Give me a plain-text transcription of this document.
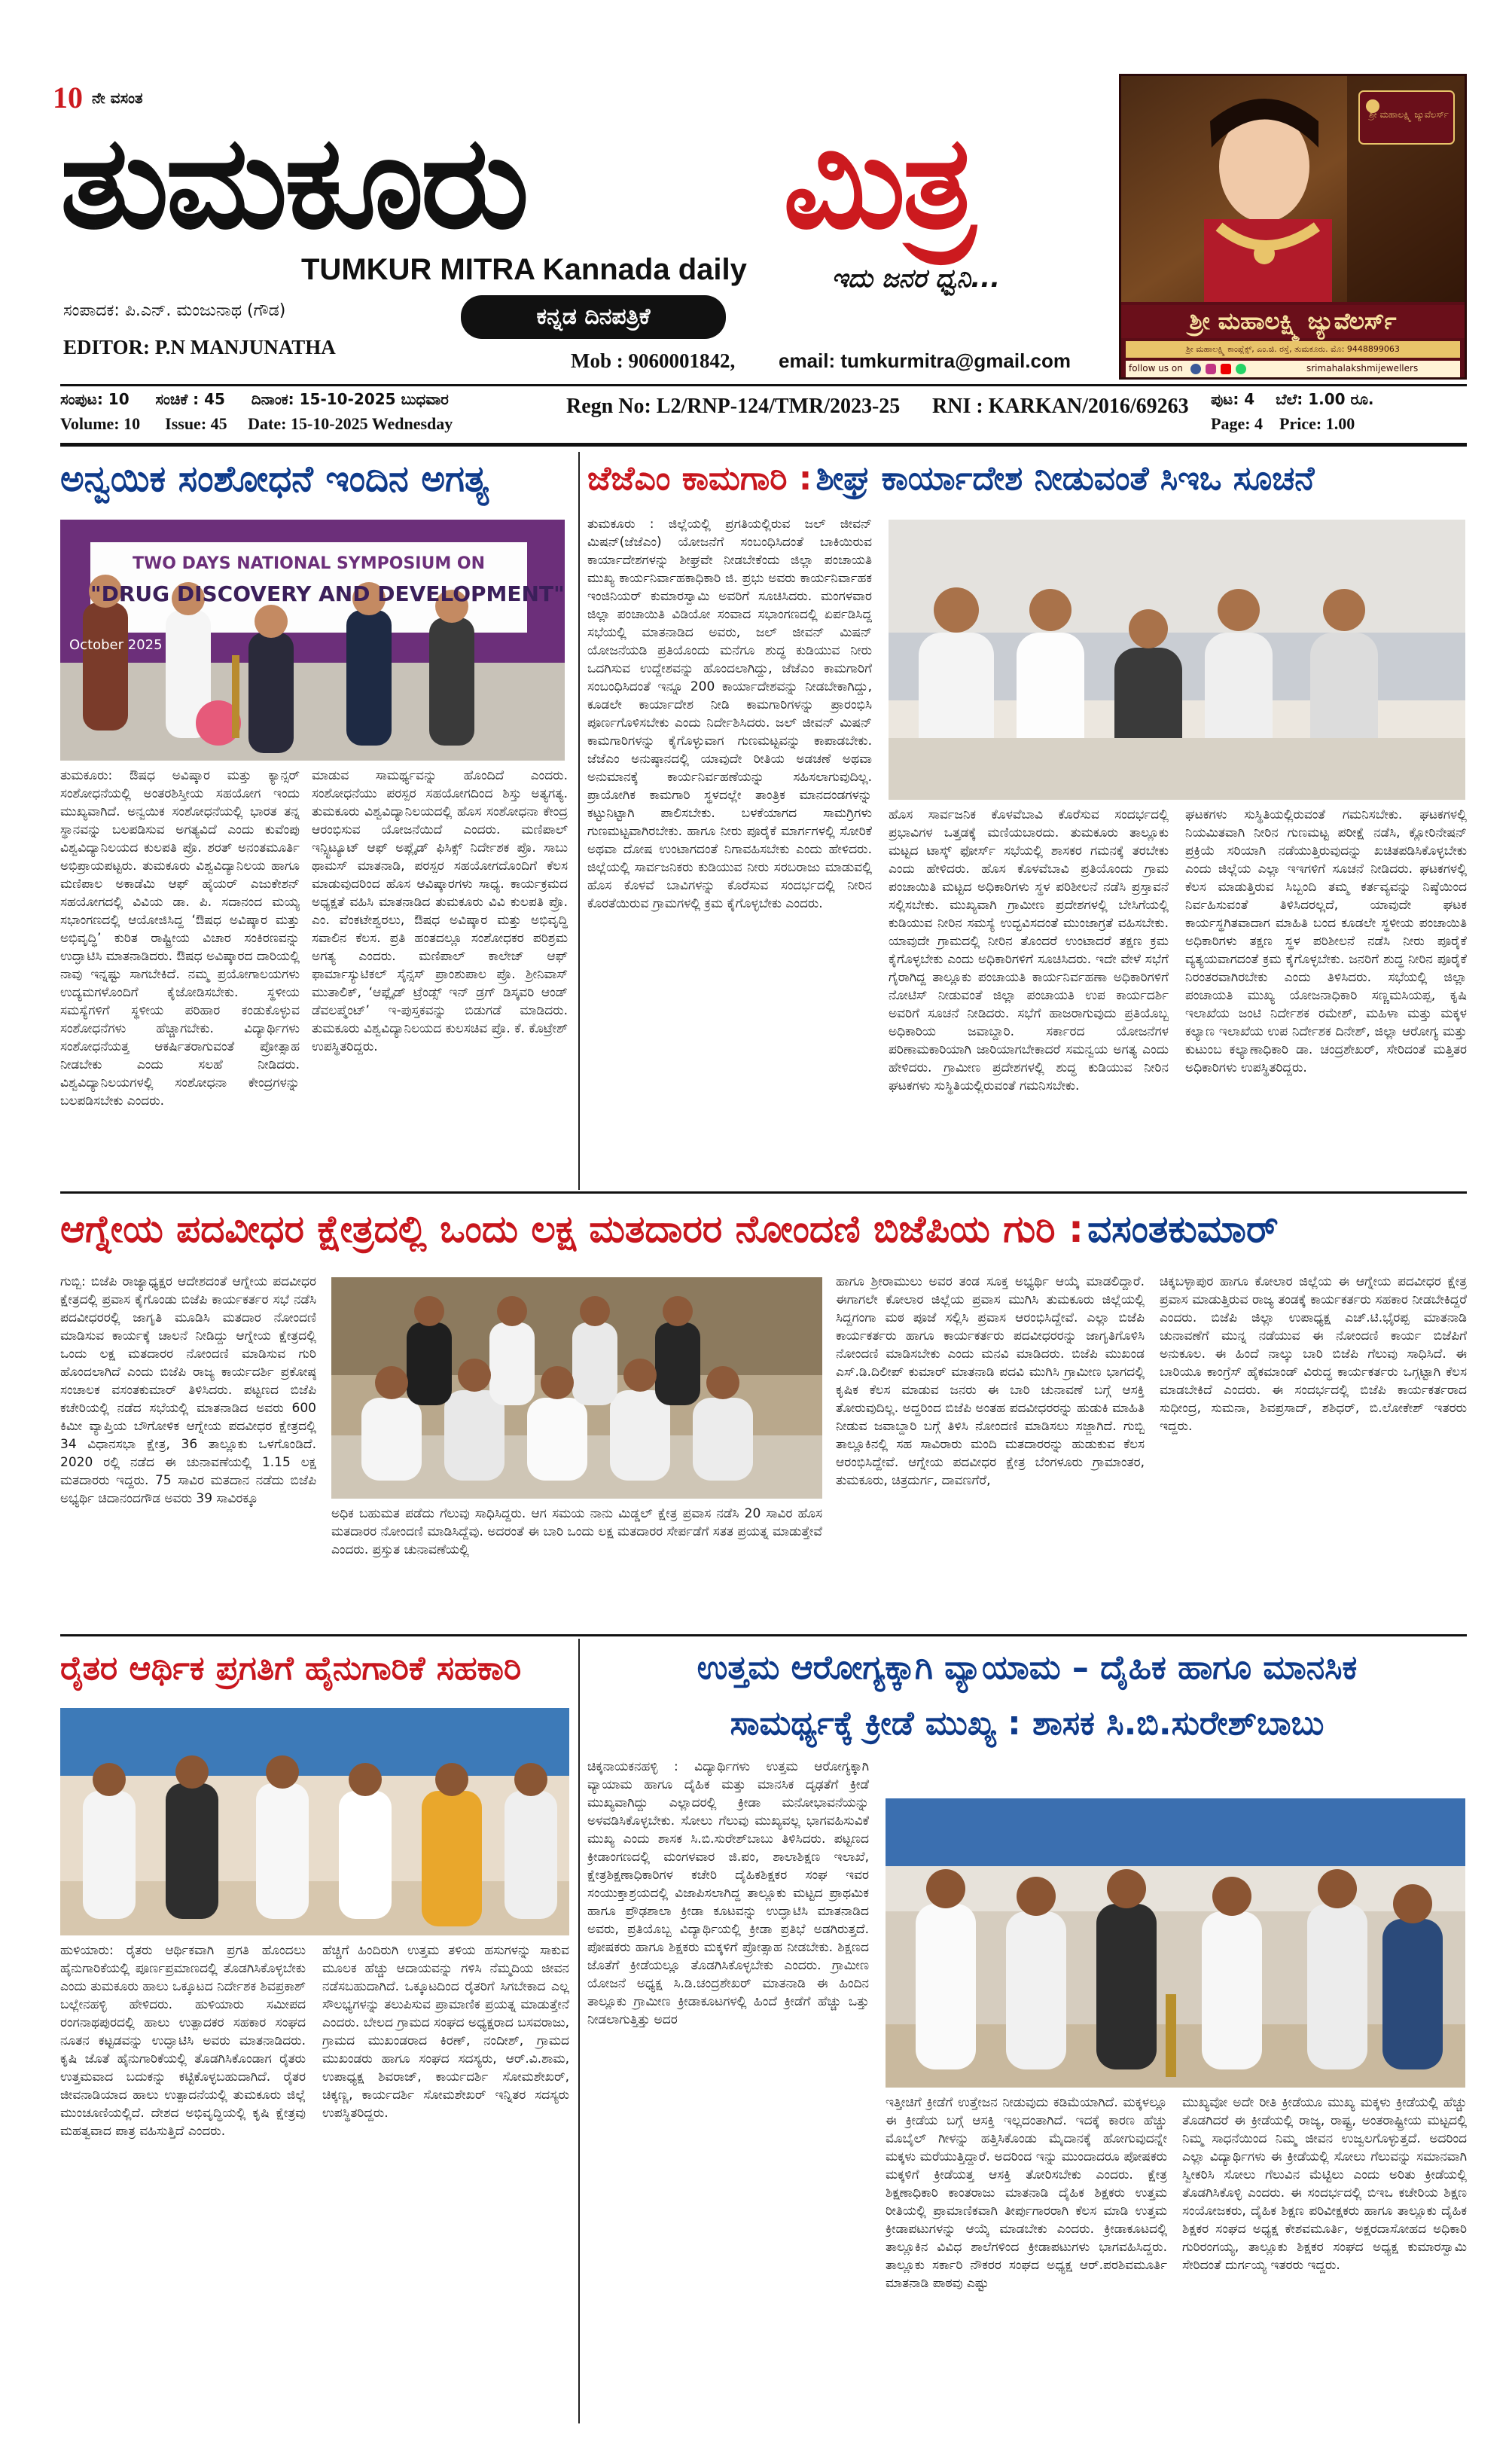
10 ನೇ ವಸಂತ
ತುಮಕೂರು ಮಿತ್ರ
TUMKUR MITRA Kannada daily	ಇದು ಜನರ ಧ್ವನಿ...
ಸಂಪಾದಕ: ಪಿ.ಎನ್. ಮಂಜುನಾಥ (ಗೌಡ)
EDITOR: P.N MANJUNATHA
ಕನ್ನಡ ದಿನಪತ್ರಿಕೆ
Mob : 9060001842, email: tumkurmitra@gmail.com
ಶ್ರೀ ಮಹಾಲಕ್ಷ್ಮಿ ಜ್ಯುವೆಲರ್ಸ್
ಶ್ರೀ ಮಹಾಲಕ್ಷ್ಮಿ ಜ್ಯುವೆಲರ್ಸ್
ಶ್ರೀ ಮಹಾಲಕ್ಷ್ಮಿ ಕಾಂಪ್ಲೆಕ್ಸ್, ಎಂ.ಜಿ. ರಸ್ತೆ, ತುಮಕೂರು. ಮೊ: 9448899063
follow us on	srimahalakshmijewellers
ಸಂಪುಟ: 10     ಸಂಚಿಕೆ : 45     ದಿನಾಂಕ: 15-10-2025 ಬುಧವಾರ
Volume: 10      Issue: 45     Date: 15-10-2025 Wednesday
Regn No: L2/RNP-124/TMR/2023-25 RNI : KARKAN/2016/69263 ಪುಟ: 4    ಬೆಲೆ: 1.00 ರೂ.
Page: 4    Price: 1.00
ಅನ್ವಯಿಕ ಸಂಶೋಧನೆ ಇಂದಿನ ಅಗತ್ಯ
TWO DAYS NATIONAL SYMPOSIUM ON
"DRUG DISCOVERY AND DEVELOPMENT"
October 2025
ತುಮಕೂರು: ಔಷಧ ಅವಿಷ್ಕಾರ ಮತ್ತು ಕ್ಯಾನ್ಸರ್ ಸಂಶೋಧನೆಯಲ್ಲಿ ಅಂತರಶಿಸ್ತೀಯ ಸಹಯೋಗ ಇಂದು ಮುಖ್ಯವಾಗಿದೆ. ಅನ್ವಯಿಕ ಸಂಶೋಧನೆಯಲ್ಲಿ ಭಾರತ ತನ್ನ ಸ್ಥಾನವನ್ನು ಬಲಪಡಿಸುವ ಅಗತ್ಯವಿದೆ ಎಂದು ಕುವೆಂಪು ವಿಶ್ವವಿದ್ಯಾನಿಲಯದ ಕುಲಪತಿ ಪ್ರೊ. ಶರತ್ ಅನಂತಮೂರ್ತಿ ಅಭಿಪ್ರಾಯಪಟ್ಟರು. ತುಮಕೂರು ವಿಶ್ವವಿದ್ಯಾನಿಲಯ ಹಾಗೂ ಮಣಿಪಾಲ ಅಕಾಡೆಮಿ ಆಫ್ ಹೈಯರ್ ಎಜುಕೇಶನ್ ಸಹಯೋಗದಲ್ಲಿ ವಿವಿಯ ಡಾ. ಪಿ. ಸದಾನಂದ ಮಯ್ಯ ಸಭಾಂಗಣದಲ್ಲಿ ಆಯೋಜಿಸಿದ್ದ ‘ಔಷಧ ಅವಿಷ್ಕಾರ ಮತ್ತು ಅಭಿವೃದ್ಧಿ’ ಕುರಿತ ರಾಷ್ಟ್ರೀಯ ವಿಚಾರ ಸಂಕಿರಣವನ್ನು ಉದ್ಘಾಟಿಸಿ ಮಾತನಾಡಿದರು. ಔಷಧ ಅವಿಷ್ಕಾರದ ದಾರಿಯಲ್ಲಿ ನಾವು ಇನ್ನಷ್ಟು ಸಾಗಬೇಕಿದೆ. ನಮ್ಮ ಪ್ರಯೋಗಾಲಯಗಳು ಉದ್ಯಮಗಳೊಂದಿಗೆ ಕೈಜೋಡಿಸಬೇಕು. ಸ್ಥಳೀಯ ಸಮಸ್ಯೆಗಳಿಗೆ ಸ್ಥಳೀಯ ಪರಿಹಾರ ಕಂಡುಕೊಳ್ಳುವ ಸಂಶೋಧನೆಗಳು ಹೆಚ್ಚಾಗಬೇಕು. ವಿದ್ಯಾರ್ಥಿಗಳು ಸಂಶೋಧನೆಯತ್ತ ಆಕರ್ಷಿತರಾಗುವಂತೆ ಪ್ರೋತ್ಸಾಹ ನೀಡಬೇಕು ಎಂದು ಸಲಹೆ ನೀಡಿದರು. ವಿಶ್ವವಿದ್ಯಾನಿಲಯಗಳಲ್ಲಿ ಸಂಶೋಧನಾ ಕೇಂದ್ರಗಳನ್ನು ಬಲಪಡಿಸಬೇಕು ಎಂದರು.
ಮಾಡುವ ಸಾಮರ್ಥ್ಯವನ್ನು ಹೊಂದಿದೆ ಎಂದರು. ಸಂಶೋಧನೆಯು ಪರಸ್ಪರ ಸಹಯೋಗದಿಂದ ಶಿಸ್ತು ಅತ್ಯಗತ್ಯ. ತುಮಕೂರು ವಿಶ್ವವಿದ್ಯಾನಿಲಯದಲ್ಲಿ ಹೊಸ ಸಂಶೋಧನಾ ಕೇಂದ್ರ ಆರಂಭಿಸುವ ಯೋಜನೆಯಿದೆ ಎಂದರು. ಮಣಿಪಾಲ್ ಇನ್ಸ್ಟಿಟ್ಯೂಟ್ ಆಫ್ ಅಪ್ಲೈಡ್ ಫಿಸಿಕ್ಸ್ ನಿರ್ದೇಶಕ ಪ್ರೊ. ಸಾಬು ಥಾಮಸ್ ಮಾತನಾಡಿ, ಪರಸ್ಪರ ಸಹಯೋಗದೊಂದಿಗೆ ಕೆಲಸ ಮಾಡುವುದರಿಂದ ಹೊಸ ಆವಿಷ್ಕಾರಗಳು ಸಾಧ್ಯ. ಕಾರ್ಯಕ್ರಮದ ಅಧ್ಯಕ್ಷತೆ ವಹಿಸಿ ಮಾತನಾಡಿದ ತುಮಕೂರು ವಿವಿ ಕುಲಪತಿ ಪ್ರೊ. ಎಂ. ವೆಂಕಟೇಶ್ವರಲು, ಔಷಧ ಅವಿಷ್ಕಾರ ಮತ್ತು ಅಭಿವೃದ್ಧಿ ಸವಾಲಿನ ಕೆಲಸ. ಪ್ರತಿ ಹಂತದಲ್ಲೂ ಸಂಶೋಧಕರ ಪರಿಶ್ರಮ ಅಗತ್ಯ ಎಂದರು. ಮಣಿಪಾಲ್ ಕಾಲೇಜ್ ಆಫ್ ಫಾರ್ಮಾಸ್ಯುಟಿಕಲ್ ಸೈನ್ಸಸ್ ಪ್ರಾಂಶುಪಾಲ ಪ್ರೊ. ಶ್ರೀನಿವಾಸ್ ಮುತಾಲಿಕ್, ‘ಆಪ್ಲೈಡ್ ಟ್ರೆಂಡ್ಸ್ ಇನ್ ಡ್ರಗ್ ಡಿಸ್ಕವರಿ ಆಂಡ್ ಡೆವಲಪ್ಮೆಂಟ್’ ಇ-ಪುಸ್ತಕವನ್ನು ಬಿಡುಗಡೆ ಮಾಡಿದರು. ತುಮಕೂರು ವಿಶ್ವವಿದ್ಯಾನಿಲಯದ ಕುಲಸಚಿವ ಪ್ರೊ. ಕೆ. ಕೊಟ್ರೇಶ್ ಉಪಸ್ಥಿತರಿದ್ದರು.
ಜೆಜೆಎಂ ಕಾಮಗಾರಿ : ಶೀಘ್ರ ಕಾರ್ಯಾದೇಶ ನೀಡುವಂತೆ ಸಿಇಒ ಸೂಚನೆ
ತುಮಕೂರು : ಜಿಲ್ಲೆಯಲ್ಲಿ ಪ್ರಗತಿಯಲ್ಲಿರುವ ಜಲ್ ಜೀವನ್ ಮಿಷನ್(ಜೆಜೆಎಂ) ಯೋಜನೆಗೆ ಸಂಬಂಧಿಸಿದಂತೆ ಬಾಕಿಯಿರುವ ಕಾರ್ಯಾದೇಶಗಳನ್ನು ಶೀಘ್ರವೇ ನೀಡಬೇಕೆಂದು ಜಿಲ್ಲಾ ಪಂಚಾಯತಿ ಮುಖ್ಯ ಕಾರ್ಯನಿರ್ವಾಹಕಾಧಿಕಾರಿ ಜಿ. ಪ್ರಭು ಅವರು ಕಾರ್ಯನಿರ್ವಾಹಕ ಇಂಜಿನಿಯರ್ ಕುಮಾರಸ್ವಾಮಿ ಅವರಿಗೆ ಸೂಚಿಸಿದರು. ಮಂಗಳವಾರ ಜಿಲ್ಲಾ ಪಂಚಾಯಿತಿ ವಿಡಿಯೋ ಸಂವಾದ ಸಭಾಂಗಣದಲ್ಲಿ ಏರ್ಪಡಿಸಿದ್ದ ಸಭೆಯಲ್ಲಿ ಮಾತನಾಡಿದ ಅವರು, ಜಲ್ ಜೀವನ್ ಮಿಷನ್ ಯೋಜನೆಯಡಿ ಪ್ರತಿಯೊಂದು ಮನೆಗೂ ಶುದ್ಧ ಕುಡಿಯುವ ನೀರು ಒದಗಿಸುವ ಉದ್ದೇಶವನ್ನು ಹೊಂದಲಾಗಿದ್ದು, ಜೆಜೆಎಂ ಕಾಮಗಾರಿಗೆ ಸಂಬಂಧಿಸಿದಂತೆ ಇನ್ನೂ 200 ಕಾರ್ಯಾದೇಶವನ್ನು ನೀಡಬೇಕಾಗಿದ್ದು, ಕೂಡಲೇ ಕಾರ್ಯಾದೇಶ ನೀಡಿ ಕಾಮಗಾರಿಗಳನ್ನು ಪ್ರಾರಂಭಿಸಿ ಪೂರ್ಣಗೊಳಿಸಬೇಕು ಎಂದು ನಿರ್ದೇಶಿಸಿದರು. ಜಲ್ ಜೀವನ್ ಮಿಷನ್ ಕಾಮಗಾರಿಗಳನ್ನು ಕೈಗೊಳ್ಳುವಾಗ ಗುಣಮಟ್ಟವನ್ನು ಕಾಪಾಡಬೇಕು. ಜೆಜೆಎಂ ಅನುಷ್ಠಾನದಲ್ಲಿ ಯಾವುದೇ ರೀತಿಯ ಅಡಚಣೆ ಅಥವಾ ಅನುಮಾನಕ್ಕೆ ಕಾರ್ಯನಿರ್ವಹಣೆಯನ್ನು ಸಹಿಸಲಾಗುವುದಿಲ್ಲ. ಪ್ರಾಯೋಗಿಕ ಕಾಮಗಾರಿ ಸ್ಥಳದಲ್ಲೇ ತಾಂತ್ರಿಕ ಮಾನದಂಡಗಳನ್ನು ಕಟ್ಟುನಿಟ್ಟಾಗಿ ಪಾಲಿಸಬೇಕು. ಬಳಕೆಯಾಗದ ಸಾಮಗ್ರಿಗಳು ಗುಣಮಟ್ಟವಾಗಿರಬೇಕು. ಹಾಗೂ ನೀರು ಪೂರೈಕೆ ಮಾರ್ಗಗಳಲ್ಲಿ ಸೋರಿಕೆ ಅಥವಾ ದೋಷ ಉಂಟಾಗದಂತೆ ನಿಗಾವಹಿಸಬೇಕು ಎಂದು ಹೇಳಿದರು. ಜಿಲ್ಲೆಯಲ್ಲಿ ಸಾರ್ವಜನಿಕರು ಕುಡಿಯುವ ನೀರು ಸರಬರಾಜು ಮಾಡುವಲ್ಲಿ ಹೊಸ ಕೊಳವೆ ಬಾವಿಗಳನ್ನು ಕೊರೆಸುವ ಸಂದರ್ಭದಲ್ಲಿ ನೀರಿನ ಕೊರತೆಯಿರುವ ಗ್ರಾಮಗಳಲ್ಲಿ ಕ್ರಮ ಕೈಗೊಳ್ಳಬೇಕು ಎಂದರು.
ಹೊಸ ಸಾರ್ವಜನಿಕ ಕೊಳವೆಬಾವಿ ಕೊರೆಸುವ ಸಂದರ್ಭದಲ್ಲಿ ಪ್ರಭಾವಿಗಳ ಒತ್ತಡಕ್ಕೆ ಮಣಿಯಬಾರದು. ತುಮಕೂರು ತಾಲ್ಲೂಕು ಮಟ್ಟದ ಟಾಸ್ಕ್ ಫೋರ್ಸ್ ಸಭೆಯಲ್ಲಿ ಶಾಸಕರ ಗಮನಕ್ಕೆ ತರಬೇಕು ಎಂದು ಹೇಳಿದರು. ಹೊಸ ಕೊಳವೆಬಾವಿ ಪ್ರತಿಯೊಂದು ಗ್ರಾಮ ಪಂಚಾಯಿತಿ ಮಟ್ಟದ ಅಧಿಕಾರಿಗಳು ಸ್ಥಳ ಪರಿಶೀಲನೆ ನಡೆಸಿ ಪ್ರಸ್ತಾವನೆ ಸಲ್ಲಿಸಬೇಕು. ಮುಖ್ಯವಾಗಿ ಗ್ರಾಮೀಣ ಪ್ರದೇಶಗಳಲ್ಲಿ ಬೇಸಿಗೆಯಲ್ಲಿ ಕುಡಿಯುವ ನೀರಿನ ಸಮಸ್ಯೆ ಉದ್ಭವಿಸದಂತೆ ಮುಂಜಾಗ್ರತೆ ವಹಿಸಬೇಕು. ಯಾವುದೇ ಗ್ರಾಮದಲ್ಲಿ ನೀರಿನ ತೊಂದರೆ ಉಂಟಾದರೆ ತಕ್ಷಣ ಕ್ರಮ ಕೈಗೊಳ್ಳಬೇಕು ಎಂದು ಅಧಿಕಾರಿಗಳಿಗೆ ಸೂಚಿಸಿದರು. ಇದೇ ವೇಳೆ ಸಭೆಗೆ ಗೈರಾಗಿದ್ದ ತಾಲ್ಲೂಕು ಪಂಚಾಯತಿ ಕಾರ್ಯನಿರ್ವಹಣಾ ಅಧಿಕಾರಿಗಳಿಗೆ ನೋಟಿಸ್ ನೀಡುವಂತೆ ಜಿಲ್ಲಾ ಪಂಚಾಯತಿ ಉಪ ಕಾರ್ಯದರ್ಶಿ ಅವರಿಗೆ ಸೂಚನೆ ನೀಡಿದರು. ಸಭೆಗೆ ಹಾಜರಾಗುವುದು ಪ್ರತಿಯೊಬ್ಬ ಅಧಿಕಾರಿಯ ಜವಾಬ್ದಾರಿ. ಸರ್ಕಾರದ ಯೋಜನೆಗಳ ಪರಿಣಾಮಕಾರಿಯಾಗಿ ಜಾರಿಯಾಗಬೇಕಾದರೆ ಸಮನ್ವಯ ಅಗತ್ಯ ಎಂದು ಹೇಳಿದರು. ಗ್ರಾಮೀಣ ಪ್ರದೇಶಗಳಲ್ಲಿ ಶುದ್ಧ ಕುಡಿಯುವ ನೀರಿನ ಘಟಕಗಳು ಸುಸ್ಥಿತಿಯಲ್ಲಿರುವಂತೆ ಗಮನಿಸಬೇಕು.
ಘಟಕಗಳು ಸುಸ್ಥಿತಿಯಲ್ಲಿರುವಂತೆ ಗಮನಿಸಬೇಕು. ಘಟಕಗಳಲ್ಲಿ ನಿಯಮಿತವಾಗಿ ನೀರಿನ ಗುಣಮಟ್ಟ ಪರೀಕ್ಷೆ ನಡೆಸಿ, ಕ್ಲೋರಿನೇಷನ್ ಪ್ರಕ್ರಿಯೆ ಸರಿಯಾಗಿ ನಡೆಯುತ್ತಿರುವುದನ್ನು ಖಚಿತಪಡಿಸಿಕೊಳ್ಳಬೇಕು ಎಂದು ಜಿಲ್ಲೆಯ ಎಲ್ಲಾ ಇಇಗಳಿಗೆ ಸೂಚನೆ ನೀಡಿದರು. ಘಟಕಗಳಲ್ಲಿ ಕೆಲಸ ಮಾಡುತ್ತಿರುವ ಸಿಬ್ಬಂದಿ ತಮ್ಮ ಕರ್ತವ್ಯವನ್ನು ನಿಷ್ಠೆಯಿಂದ ನಿರ್ವಹಿಸುವಂತೆ ತಿಳಿಸಿದರಲ್ಲದೆ, ಯಾವುದೇ ಘಟಕ ಕಾರ್ಯಸ್ಥಗಿತವಾದಾಗ ಮಾಹಿತಿ ಬಂದ ಕೂಡಲೇ ಸ್ಥಳೀಯ ಪಂಚಾಯಿತಿ ಅಧಿಕಾರಿಗಳು ತಕ್ಷಣ ಸ್ಥಳ ಪರಿಶೀಲನೆ ನಡೆಸಿ ನೀರು ಪೂರೈಕೆ ವ್ಯತ್ಯಯವಾಗದಂತೆ ಕ್ರಮ ಕೈಗೊಳ್ಳಬೇಕು. ಜನರಿಗೆ ಶುದ್ಧ ನೀರಿನ ಪೂರೈಕೆ ನಿರಂತರವಾಗಿರಬೇಕು ಎಂದು ತಿಳಿಸಿದರು. ಸಭೆಯಲ್ಲಿ ಜಿಲ್ಲಾ ಪಂಚಾಯತಿ ಮುಖ್ಯ ಯೋಜನಾಧಿಕಾರಿ ಸಣ್ಣಮಸಿಯಪ್ಪ, ಕೃಷಿ ಇಲಾಖೆಯ ಜಂಟಿ ನಿರ್ದೇಶಕ ರಮೇಶ್, ಮಹಿಳಾ ಮತ್ತು ಮಕ್ಕಳ ಕಲ್ಯಾಣ ಇಲಾಖೆಯ ಉಪ ನಿರ್ದೇಶಕ ದಿನೇಶ್, ಜಿಲ್ಲಾ ಆರೋಗ್ಯ ಮತ್ತು ಕುಟುಂಬ ಕಲ್ಯಾಣಾಧಿಕಾರಿ ಡಾ. ಚಂದ್ರಶೇಖರ್, ಸೇರಿದಂತೆ ಮತ್ತಿತರ ಅಧಿಕಾರಿಗಳು ಉಪಸ್ಥಿತರಿದ್ದರು.
ಆಗ್ನೇಯ ಪದವೀಧರ ಕ್ಷೇತ್ರದಲ್ಲಿ ಒಂದು ಲಕ್ಷ ಮತದಾರರ ನೋಂದಣಿ ಬಿಜೆಪಿಯ ಗುರಿ : ವಸಂತಕುಮಾರ್
ಗುಬ್ಬಿ: ಬಿಜೆಪಿ ರಾಜ್ಯಾಧ್ಯಕ್ಷರ ಆದೇಶದಂತೆ ಆಗ್ನೇಯ ಪದವೀಧರ ಕ್ಷೇತ್ರದಲ್ಲಿ ಪ್ರವಾಸ ಕೈಗೊಂಡು ಬಿಜೆಪಿ ಕಾರ್ಯಕರ್ತರ ಸಭೆ ನಡೆಸಿ ಪದವೀಧರರಲ್ಲಿ ಜಾಗೃತಿ ಮೂಡಿಸಿ ಮತದಾರ ನೋಂದಣಿ ಮಾಡಿಸುವ ಕಾರ್ಯಕ್ಕೆ ಚಾಲನೆ ನೀಡಿದ್ದು ಆಗ್ನೇಯ ಕ್ಷೇತ್ರದಲ್ಲಿ ಒಂದು ಲಕ್ಷ ಮತದಾರರ ನೋಂದಣಿ ಮಾಡಿಸುವ ಗುರಿ ಹೊಂದಲಾಗಿದೆ ಎಂದು ಬಿಜೆಪಿ ರಾಜ್ಯ ಕಾರ್ಯದರ್ಶಿ ಪ್ರಕೋಷ್ಠ ಸಂಚಾಲಕ ವಸಂತಕುಮಾರ್ ತಿಳಿಸಿದರು. ಪಟ್ಟಣದ ಬಿಜೆಪಿ ಕಚೇರಿಯಲ್ಲಿ ನಡೆದ ಸಭೆಯಲ್ಲಿ ಮಾತನಾಡಿದ ಅವರು 600 ಕಿಮೀ ವ್ಯಾಪ್ತಿಯ ಬೌಗೋಳಿಕ ಆಗ್ನೇಯ ಪದವೀಧರ ಕ್ಷೇತ್ರದಲ್ಲಿ 34 ವಿಧಾನಸಭಾ ಕ್ಷೇತ್ರ, 36 ತಾಲ್ಲೂಕು ಒಳಗೊಂಡಿದೆ. 2020 ರಲ್ಲಿ ನಡೆದ ಈ ಚುನಾವಣೆಯಲ್ಲಿ 1.15 ಲಕ್ಷ ಮತದಾರರು ಇದ್ದರು. 75 ಸಾವಿರ ಮತದಾನ ನಡೆದು ಬಿಜೆಪಿ ಅಭ್ಯರ್ಥಿ ಚಿದಾನಂದಗೌಡ ಅವರು 39 ಸಾವಿರಕ್ಕೂ
ಅಧಿಕ ಬಹುಮತ ಪಡೆದು ಗೆಲುವು ಸಾಧಿಸಿದ್ದರು. ಆಗ ಸಮಯ ನಾನು ಮಿಡ್ಡಲ್ ಕ್ಷೇತ್ರ ಪ್ರವಾಸ ನಡೆಸಿ 20 ಸಾವಿರ ಹೊಸ ಮತದಾರರ ನೋಂದಣಿ ಮಾಡಿಸಿದ್ದೆವು. ಅದರಂತೆ ಈ ಬಾರಿ ಒಂದು ಲಕ್ಷ ಮತದಾರರ ಸೇರ್ಪಡೆಗೆ ಸತತ ಪ್ರಯತ್ನ ಮಾಡುತ್ತೇವೆ ಎಂದರು. ಪ್ರಸ್ತುತ ಚುನಾವಣೆಯಲ್ಲಿ
ಹಾಗೂ ಶ್ರೀರಾಮುಲು ಅವರ ತಂಡ ಸೂಕ್ತ ಅಭ್ಯರ್ಥಿ ಆಯ್ಕೆ ಮಾಡಲಿದ್ದಾರೆ. ಈಗಾಗಲೇ ಕೋಲಾರ ಜಿಲ್ಲೆಯ ಪ್ರವಾಸ ಮುಗಿಸಿ ತುಮಕೂರು ಜಿಲ್ಲೆಯಲ್ಲಿ ಸಿದ್ದಗಂಗಾ ಮಠ ಪೂಜೆ ಸಲ್ಲಿಸಿ ಪ್ರವಾಸ ಆರಂಭಿಸಿದ್ದೇವೆ. ಎಲ್ಲಾ ಬಿಜೆಪಿ ಕಾರ್ಯಕರ್ತರು ಹಾಗೂ ಕಾರ್ಯಕರ್ತರು ಪದವೀಧರರನ್ನು ಜಾಗೃತಿಗೊಳಿಸಿ ನೋಂದಣಿ ಮಾಡಿಸಬೇಕು ಎಂದು ಮನವಿ ಮಾಡಿದರು. ಬಿಜೆಪಿ ಮುಖಂಡ ಎಸ್.ಡಿ.ದಿಲೀಪ್ ಕುಮಾರ್ ಮಾತನಾಡಿ ಪದವಿ ಮುಗಿಸಿ ಗ್ರಾಮೀಣ ಭಾಗದಲ್ಲಿ ಕೃಷಿಕ ಕೆಲಸ ಮಾಡುವ ಜನರು ಈ ಬಾರಿ ಚುನಾವಣೆ ಬಗ್ಗೆ ಆಸಕ್ತಿ ತೋರುವುದಿಲ್ಲ. ಅದ್ದರಿಂದ ಬಿಜೆಪಿ ಅಂತಹ ಪದವೀಧರರನ್ನು ಹುಡುಕಿ ಮಾಹಿತಿ ನೀಡುವ ಜವಾಬ್ದಾರಿ ಬಗ್ಗೆ ತಿಳಿಸಿ ನೋಂದಣಿ ಮಾಡಿಸಲು ಸಜ್ಜಾಗಿದೆ. ಗುಬ್ಬಿ ತಾಲ್ಲೂಕಿನಲ್ಲಿ ಸಹ ಸಾವಿರಾರು ಮಂದಿ ಮತದಾರರನ್ನು ಹುಡುಕುವ ಕೆಲಸ ಆರಂಭಿಸಿದ್ದೇವೆ. ಆಗ್ನೇಯ ಪದವೀಧರ ಕ್ಷೇತ್ರ ಬೆಂಗಳೂರು ಗ್ರಾಮಾಂತರ, ತುಮಕೂರು, ಚಿತ್ರದುರ್ಗ, ದಾವಣಗೆರೆ,
ಚಿಕ್ಕಬಳ್ಳಾಪುರ ಹಾಗೂ ಕೋಲಾರ ಜಿಲ್ಲೆಯ ಈ ಆಗ್ನೇಯ ಪದವೀಧರ ಕ್ಷೇತ್ರ ಪ್ರವಾಸ ಮಾಡುತ್ತಿರುವ ರಾಜ್ಯ ತಂಡಕ್ಕೆ ಕಾರ್ಯಕರ್ತರು ಸಹಕಾರ ನೀಡಬೇಕಿದ್ದರೆ ಎಂದರು. ಬಿಜೆಪಿ ಜಿಲ್ಲಾ ಉಪಾಧ್ಯಕ್ಷ ಎಚ್.ಟಿ.ಭೈರಪ್ಪ ಮಾತನಾಡಿ ಚುನಾವಣೆಗೆ ಮುನ್ನ ನಡೆಯುವ ಈ ನೋಂದಣಿ ಕಾರ್ಯ ಬಿಜೆಪಿಗೆ ಅನುಕೂಲ. ಈ ಹಿಂದೆ ನಾಲ್ಕು ಬಾರಿ ಬಿಜೆಪಿ ಗೆಲುವು ಸಾಧಿಸಿದೆ. ಈ ಬಾರಿಯೂ ಕಾಂಗ್ರೆಸ್ ಹೈಕಮಾಂಡ್ ವಿರುದ್ಧ ಕಾರ್ಯಕರ್ತರು ಒಗ್ಗಟ್ಟಾಗಿ ಕೆಲಸ ಮಾಡಬೇಕಿದೆ ಎಂದರು. ಈ ಸಂದರ್ಭದಲ್ಲಿ ಬಿಜೆಪಿ ಕಾರ್ಯಕರ್ತರಾದ ಸುಧೀಂದ್ರ, ಸುಮನಾ, ಶಿವಪ್ರಸಾದ್, ಶಶಿಧರ್, ಬಿ.ಲೋಕೇಶ್ ಇತರರು ಇದ್ದರು.
ರೈತರ ಆರ್ಥಿಕ ಪ್ರಗತಿಗೆ ಹೈನುಗಾರಿಕೆ ಸಹಕಾರಿ
ಹುಳಿಯಾರು: ರೈತರು ಆರ್ಥಿಕವಾಗಿ ಪ್ರಗತಿ ಹೊಂದಲು ಹೈನುಗಾರಿಕೆಯಲ್ಲಿ ಪೂರ್ಣಪ್ರಮಾಣದಲ್ಲಿ ತೊಡಗಿಸಿಕೊಳ್ಳಬೇಕು ಎಂದು ತುಮಕೂರು ಹಾಲು ಒಕ್ಕೂಟದ ನಿರ್ದೇಶಕ ಶಿವಪ್ರಕಾಶ್ ಬಲ್ಲೇನಹಳ್ಳಿ ಹೇಳಿದರು. ಹುಳಿಯಾರು ಸಮೀಪದ ರಂಗನಾಥಪುರದಲ್ಲಿ ಹಾಲು ಉತ್ಪಾದಕರ ಸಹಕಾರ ಸಂಘದ ನೂತನ ಕಟ್ಟಡವನ್ನು ಉದ್ಘಾಟಿಸಿ ಅವರು ಮಾತನಾಡಿದರು. ಕೃಷಿ ಜೊತೆ ಹೈನುಗಾರಿಕೆಯಲ್ಲಿ ತೊಡಗಿಸಿಕೊಂಡಾಗ ರೈತರು ಉತ್ತಮವಾದ ಬದುಕನ್ನು ಕಟ್ಟಿಕೊಳ್ಳಬಹುದಾಗಿದೆ. ರೈತರ ಜೀವನಾಡಿಯಾದ ಹಾಲು ಉತ್ಪಾದನೆಯಲ್ಲಿ ತುಮಕೂರು ಜಿಲ್ಲೆ ಮುಂಚೂಣಿಯಲ್ಲಿದೆ. ದೇಶದ ಅಭಿವೃದ್ಧಿಯಲ್ಲಿ ಕೃಷಿ ಕ್ಷೇತ್ರವು ಮಹತ್ವವಾದ ಪಾತ್ರ ವಹಿಸುತ್ತಿದೆ ಎಂದರು.
ಹೆಚ್ಚಿಗೆ ಹಿಂದಿರುಗಿ ಉತ್ತಮ ತಳಿಯ ಹಸುಗಳನ್ನು ಸಾಕುವ ಮೂಲಕ ಹೆಚ್ಚು ಆದಾಯವನ್ನು ಗಳಿಸಿ ನೆಮ್ಮದಿಯ ಜೀವನ ನಡೆಸಬಹುದಾಗಿದೆ. ಒಕ್ಕೂಟದಿಂದ ರೈತರಿಗೆ ಸಿಗಬೇಕಾದ ಎಲ್ಲ ಸೌಲಭ್ಯಗಳನ್ನು ತಲುಪಿಸುವ ಪ್ರಾಮಾಣಿಕ ಪ್ರಯತ್ನ ಮಾಡುತ್ತೇನೆ ಎಂದರು. ಬೇಲದ ಗ್ರಾಮದ ಸಂಘದ ಅಧ್ಯಕ್ಷರಾದ ಬಸವರಾಜು, ಗ್ರಾಮದ ಮುಖಂಡರಾದ ಕಿರಣ್, ನಂದೀಶ್, ಗ್ರಾಮದ ಮುಖಂಡರು ಹಾಗೂ ಸಂಘದ ಸದಸ್ಯರು, ಆರ್.ವಿ.ಶಾಮ, ಉಪಾಧ್ಯಕ್ಷ ಶಿವರಾಜ್, ಕಾರ್ಯದರ್ಶಿ ಸೋಮಶೇಖರ್, ಚಿಕ್ಕಣ್ಣ, ಕಾರ್ಯದರ್ಶಿ ಸೋಮಶೇಖರ್ ಇನ್ನಿತರ ಸದಸ್ಯರು ಉಪಸ್ಥಿತರಿದ್ದರು.
ಉತ್ತಮ ಆರೋಗ್ಯಕ್ಕಾಗಿ ವ್ಯಾಯಾಮ – ದೈಹಿಕ ಹಾಗೂ ಮಾನಸಿಕ
ಸಾಮರ್ಥ್ಯಕ್ಕೆ ಕ್ರೀಡೆ ಮುಖ್ಯ : ಶಾಸಕ ಸಿ.ಬಿ.ಸುರೇಶ್‌ಬಾಬು
ಚಿಕ್ಕನಾಯಕನಹಳ್ಳಿ : ವಿದ್ಯಾರ್ಥಿಗಳು ಉತ್ತಮ ಆರೋಗ್ಯಕ್ಕಾಗಿ ವ್ಯಾಯಾಮ ಹಾಗೂ ದೈಹಿಕ ಮತ್ತು ಮಾನಸಿಕ ದೃಢತೆಗೆ ಕ್ರೀಡೆ ಮುಖ್ಯವಾಗಿದ್ದು ಎಲ್ಲಾದರಲ್ಲಿ ಕ್ರೀಡಾ ಮನೋಭಾವನೆಯನ್ನು ಅಳವಡಿಸಿಕೊಳ್ಳಬೇಕು. ಸೋಲು ಗೆಲುವು ಮುಖ್ಯವಲ್ಲ ಭಾಗವಹಿಸುವಿಕೆ ಮುಖ್ಯ ಎಂದು ಶಾಸಕ ಸಿ.ಬಿ.ಸುರೇಶ್‌ಬಾಬು ತಿಳಿಸಿದರು. ಪಟ್ಟಣದ ಕ್ರೀಡಾಂಗಣದಲ್ಲಿ ಮಂಗಳವಾರ ಜಿ.ಪಂ, ಶಾಲಾಶಿಕ್ಷಣ ಇಲಾಖೆ, ಕ್ಷೇತ್ರಶಿಕ್ಷಣಾಧಿಕಾರಿಗಳ ಕಚೇರಿ ದೈಹಿಕಶಿಕ್ಷಕರ ಸಂಘ ಇವರ ಸಂಯುಕ್ತಾಶ್ರಯದಲ್ಲಿ ವಿಜಾಪಿಸಲಾಗಿದ್ದ ತಾಲ್ಲೂಕು ಮಟ್ಟದ ಪ್ರಾಥಮಿಕ ಹಾಗೂ ಪ್ರೌಢಶಾಲಾ ಕ್ರೀಡಾ ಕೂಟವನ್ನು ಉದ್ಘಾಟಿಸಿ ಮಾತನಾಡಿದ ಅವರು, ಪ್ರತಿಯೊಬ್ಬ ವಿದ್ಯಾರ್ಥಿಯಲ್ಲಿ ಕ್ರೀಡಾ ಪ್ರತಿಭೆ ಅಡಗಿರುತ್ತದೆ. ಪೋಷಕರು ಹಾಗೂ ಶಿಕ್ಷಕರು ಮಕ್ಕಳಿಗೆ ಪ್ರೋತ್ಸಾಹ ನೀಡಬೇಕು. ಶಿಕ್ಷಣದ ಜೊತೆಗೆ ಕ್ರೀಡೆಯಲ್ಲೂ ತೊಡಗಿಸಿಕೊಳ್ಳಬೇಕು ಎಂದರು. ಗ್ರಾಮೀಣ ಯೋಜನೆ ಅಧ್ಯಕ್ಷ ಸಿ.ಡಿ.ಚಂದ್ರಶೇಖರ್ ಮಾತನಾಡಿ ಈ ಹಿಂದಿನ ತಾಲ್ಲೂಕು ಗ್ರಾಮೀಣ ಕ್ರೀಡಾಕೂಟಗಳಲ್ಲಿ ಹಿಂದೆ ಕ್ರೀಡೆಗೆ ಹೆಚ್ಚು ಒತ್ತು ನೀಡಲಾಗುತ್ತಿತ್ತು ಅದರ
ಇತ್ತೀಚಿಗೆ ಕ್ರೀಡೆಗೆ ಉತ್ತೇಜನ ನೀಡುವುದು ಕಡಿಮೆಯಾಗಿದೆ. ಮಕ್ಕಳಲ್ಲೂ ಈ ಕ್ರೀಡೆಯ ಬಗ್ಗೆ ಆಸಕ್ತಿ ಇಲ್ಲದಂತಾಗಿದೆ. ಇದಕ್ಕೆ ಕಾರಣ ಹೆಚ್ಚು ಮೊಬೈಲ್ ಗೀಳನ್ನು ಹತ್ತಿಸಿಕೊಂಡು ಮೈದಾನಕ್ಕೆ ಹೋಗುವುದನ್ನೇ ಮಕ್ಕಳು ಮರೆಯುತ್ತಿದ್ದಾರೆ. ಅದರಿಂದ ಇನ್ನು ಮುಂದಾದರೂ ಪೋಷಕರು ಮಕ್ಕಳಿಗೆ ಕ್ರೀಡೆಯತ್ತ ಆಸಕ್ತಿ ತೋರಿಸಬೇಕು ಎಂದರು. ಕ್ಷೇತ್ರ ಶಿಕ್ಷಣಾಧಿಕಾರಿ ಕಾಂತರಾಜು ಮಾತನಾಡಿ ದೈಹಿಕ ಶಿಕ್ಷಕರು ಉತ್ತಮ ರೀತಿಯಲ್ಲಿ ಪ್ರಾಮಾಣಿಕವಾಗಿ ತೀರ್ಪುಗಾರರಾಗಿ ಕೆಲಸ ಮಾಡಿ ಉತ್ತಮ ಕ್ರೀಡಾಪಟುಗಳನ್ನು ಆಯ್ಕೆ ಮಾಡಬೇಕು ಎಂದರು. ಕ್ರೀಡಾಕೂಟದಲ್ಲಿ ತಾಲ್ಲೂಕಿನ ವಿವಿಧ ಶಾಲೆಗಳಿಂದ ಕ್ರೀಡಾಪಟುಗಳು ಭಾಗವಹಿಸಿದ್ದರು. ತಾಲ್ಲೂಕು ಸರ್ಕಾರಿ ನೌಕರರ ಸಂಘದ ಅಧ್ಯಕ್ಷ ಆರ್.ಪರಶಿವಮೂರ್ತಿ ಮಾತನಾಡಿ ಪಾಠವು ಎಷ್ಟು
ಮುಖ್ಯವೋ ಅದೇ ರೀತಿ ಕ್ರೀಡೆಯೂ ಮುಖ್ಯ ಮಕ್ಕಳು ಕ್ರೀಡೆಯಲ್ಲಿ ಹೆಚ್ಚು ತೊಡಗಿದರೆ ಈ ಕ್ರೀಡೆಯಲ್ಲಿ ರಾಜ್ಯ, ರಾಷ್ಟ್ರ, ಅಂತರಾಷ್ಟ್ರೀಯ ಮಟ್ಟದಲ್ಲಿ ನಿಮ್ಮ ಸಾಧನೆಯಿಂದ ನಿಮ್ಮ ಜೀವನ ಉಜ್ವಲಗೊಳ್ಳುತ್ತದೆ. ಅದರಿಂದ ಎಲ್ಲಾ ವಿದ್ಯಾರ್ಥಿಗಳು ಈ ಕ್ರೀಡೆಯಲ್ಲಿ ಸೋಲು ಗೆಲುವನ್ನು ಸಮಾನವಾಗಿ ಸ್ವೀಕರಿಸಿ ಸೋಲು ಗೆಲುವಿನ ಮೆಟ್ಟಿಲು ಎಂದು ಅರಿತು ಕ್ರೀಡೆಯಲ್ಲಿ ತೊಡಗಿಸಿಕೊಳ್ಳಿ ಎಂದರು. ಈ ಸಂದರ್ಭದಲ್ಲಿ ಬಿಇಒ ಕಚೇರಿಯ ಶಿಕ್ಷಣ ಸಂಯೋಜಕರು, ದೈಹಿಕ ಶಿಕ್ಷಣ ಪರಿವೀಕ್ಷಕರು ಹಾಗೂ ತಾಲ್ಲೂಕು ದೈಹಿಕ ಶಿಕ್ಷಕರ ಸಂಘದ ಅಧ್ಯಕ್ಷ ಕೇಶವಮೂರ್ತಿ, ಅಕ್ಷರದಾಸೋಹದ ಅಧಿಕಾರಿ ಗುರಿರಂಗಯ್ಯ, ತಾಲ್ಲೂಕು ಶಿಕ್ಷಕರ ಸಂಘದ ಅಧ್ಯಕ್ಷ ಕುಮಾರಸ್ವಾಮಿ ಸೇರಿದಂತೆ ದುರ್ಗಯ್ಯ ಇತರರು ಇದ್ದರು.
